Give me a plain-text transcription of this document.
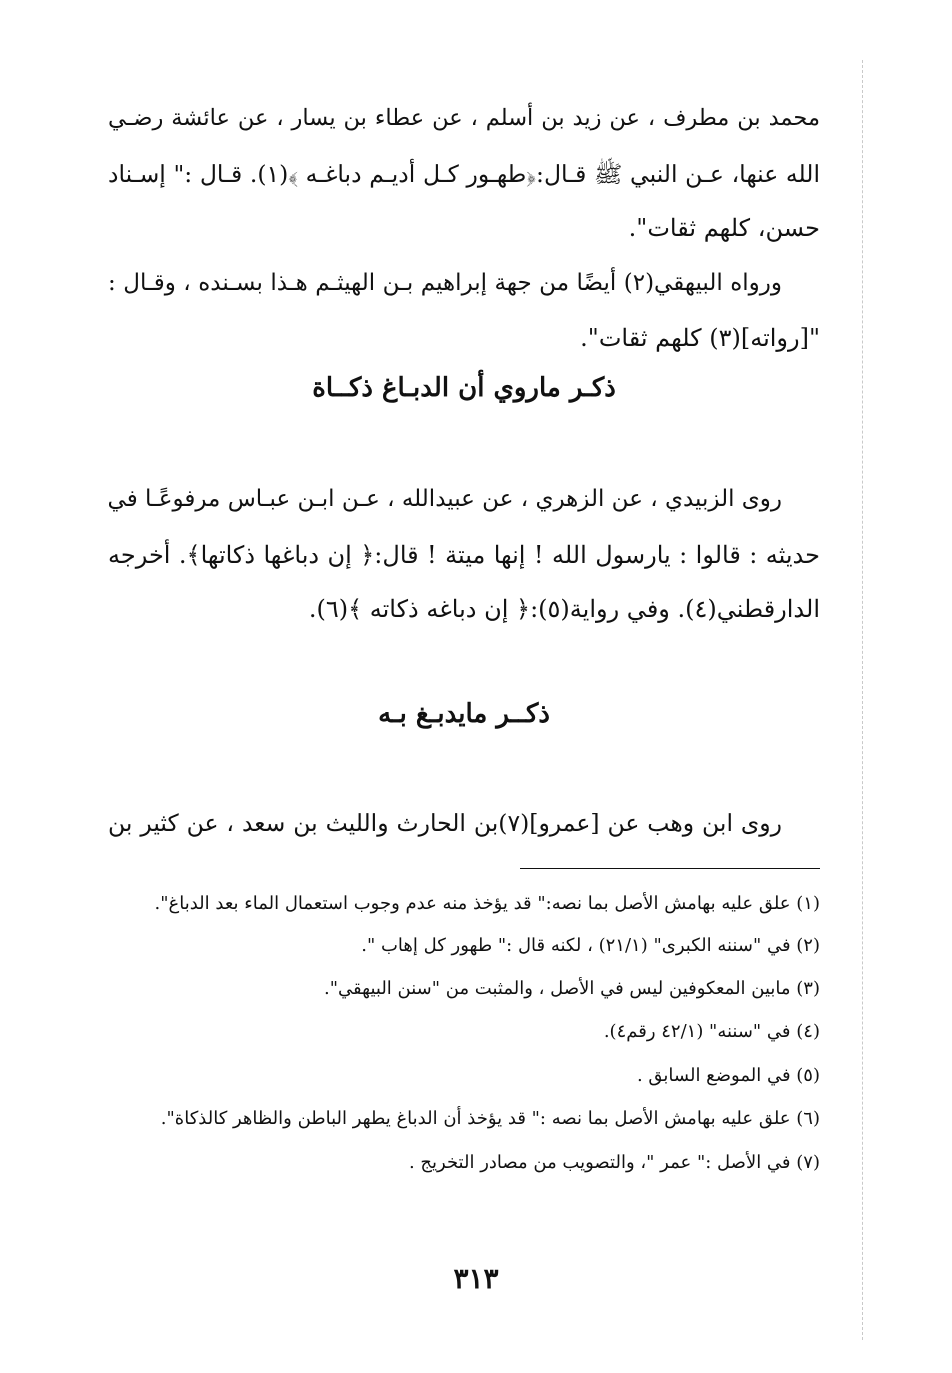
محمد بن مطرف ، عن زيد بن أسلم ، عن عطاء بن يسار ، عن عائشة رضـي
الله عنها، عـن النبي ﷺ قـال:﴿طهـور كـل أديـم دباغـه ﴾(١). قـال :" إسـناد
حسن، كلهم ثقات".
ورواه البيهقي(٢) أيضًا من جهة إبراهيم بـن الهيثـم هـذا بسـنده ، وقـال :
"[رواته](٣) كلهم ثقات".
ذكـر ماروي أن الدبـاغ ذكــاة
روى الزبيدي ، عن الزهري ، عن عبيدالله ، عـن ابـن عبـاس مرفوعًـا في
حديثه : قالوا : يارسول الله ! إنها ميتة ! قال:﴿ إن دباغها ذكاتها﴾. أخرجه
الدارقطني(٤). وفي رواية(٥):﴿ إن دباغه ذكاته ﴾(٦).
ذكــر مايدبـغ بـه
روى ابن وهب عن [عمرو](٧)بن الحارث والليث بن سعد ، عن كثير بن
(١) علق عليه بهامش الأصل بما نصه:" قد يؤخذ منه عدم وجوب استعمال الماء بعد الدباغ".
(٢) في "سننه الكبرى" (٢١/١) ، لكنه قال :" طهور كل إهاب ".
(٣) مابين المعكوفين ليس في الأصل ، والمثبت من "سنن البيهقي".
(٤) في "سننه" (٤٢/١ رقم٤).
(٥) في الموضع السابق .
(٦) علق عليه بهامش الأصل بما نصه :" قد يؤخذ أن الدباغ يطهر الباطن والظاهر كالذكاة".
(٧) في الأصل :" عمر "، والتصويب من مصادر التخريج .
٣١٣
